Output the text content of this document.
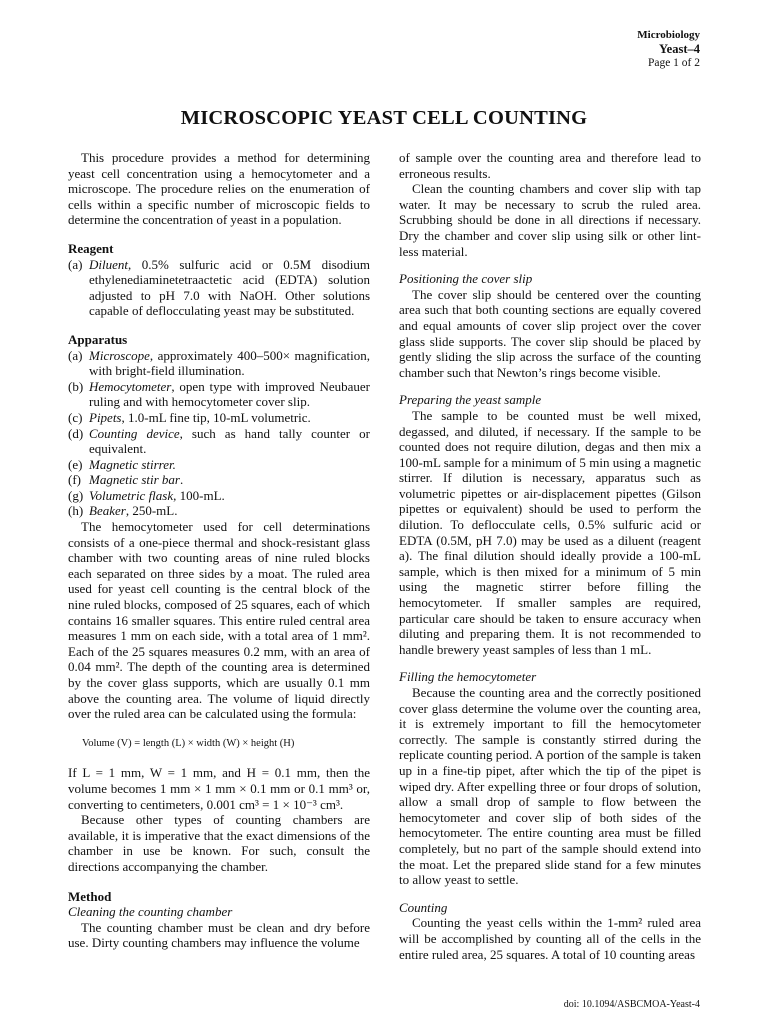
Microbiology
Yeast–4
Page 1 of 2
MICROSCOPIC YEAST CELL COUNTING

This procedure provides a method for determining yeast cell concentration using a hemocytometer and a microscope. The procedure relies on the enumeration of cells within a specific number of microscopic fields to determine the concentration of yeast in a population.

Reagent

(a) Diluent, 0.5% sulfuric acid or 0.5M disodium ethylenediaminetetraactetic acid (EDTA) solution adjusted to pH 7.0 with NaOH. Other solutions capable of deflocculating yeast may be substituted.

Apparatus

(a) Microscope, approximately 400–500× magnification, with bright-field illumination.
(b) Hemocytometer, open type with improved Neubauer ruling and with hemocytometer cover slip.
(c) Pipets, 1.0-mL fine tip, 10-mL volumetric.
(d) Counting device, such as hand tally counter or equivalent.
(e) Magnetic stirrer.
(f) Magnetic stir bar.
(g) Volumetric flask, 100-mL.
(h) Beaker, 250-mL.

The hemocytometer used for cell determinations consists of a one-piece thermal and shock-resistant glass chamber with two counting areas of nine ruled blocks each separated on three sides by a moat. The ruled area used for yeast cell counting is the central block of the nine ruled blocks, composed of 25 squares, each of which contains 16 smaller squares. This entire ruled central area measures 1 mm on each side, with a total area of 1 mm². Each of the 25 squares measures 0.2 mm, with an area of 0.04 mm². The depth of the counting area is determined by the cover glass supports, which are usually 0.1 mm above the counting area. The volume of liquid directly over the ruled area can be calculated using the formula:

Volume (V) = length (L) × width (W) × height (H)

If L = 1 mm, W = 1 mm, and H = 0.1 mm, then the volume becomes 1 mm × 1 mm × 0.1 mm or 0.1 mm³ or, converting to centimeters, 0.001 cm³ = 1 × 10⁻³ cm³.

Because other types of counting chambers are available, it is imperative that the exact dimensions of the chamber in use be known. For such, consult the directions accompanying the chamber.

Method

Cleaning the counting chamber

The counting chamber must be clean and dry before use. Dirty counting chambers may influence the volume

of sample over the counting area and therefore lead to erroneous results.

Clean the counting chambers and cover slip with tap water. It may be necessary to scrub the ruled area. Scrubbing should be done in all directions if necessary. Dry the chamber and cover slip using silk or other lint-less material.

Positioning the cover slip

The cover slip should be centered over the counting area such that both counting sections are equally covered and equal amounts of cover slip project over the cover glass slide supports. The cover slip should be placed by gently sliding the slip across the surface of the counting chamber such that Newton’s rings become visible.

Preparing the yeast sample

The sample to be counted must be well mixed, degassed, and diluted, if necessary. If the sample to be counted does not require dilution, degas and then mix a 100-mL sample for a minimum of 5 min using a magnetic stirrer. If dilution is necessary, apparatus such as volumetric pipettes or air-displacement pipettes (Gilson pipettes or equivalent) should be used to perform the dilution. To deflocculate cells, 0.5% sulfuric acid or EDTA (0.5M, pH 7.0) may be used as a diluent (reagent a). The final dilution should ideally provide a 100-mL sample, which is then mixed for a minimum of 5 min using the magnetic stirrer before filling the hemocytometer. If smaller samples are required, particular care should be taken to ensure accuracy when diluting and preparing them. It is not recommended to handle brewery yeast samples of less than 1 mL.

Filling the hemocytometer

Because the counting area and the correctly positioned cover glass determine the volume over the counting area, it is extremely important to fill the hemocytometer correctly. The sample is constantly stirred during the replicate counting period. A portion of the sample is taken up in a fine-tip pipet, after which the tip of the pipet is wiped dry. After expelling three or four drops of solution, allow a small drop of sample to flow between the hemocytometer and cover slip of both sides of the hemocytometer. The entire counting area must be filled completely, but no part of the sample should extend into the moat. Let the prepared slide stand for a few minutes to allow yeast to settle.

Counting

Counting the yeast cells within the 1-mm² ruled area will be accomplished by counting all of the cells in the entire ruled area, 25 squares. A total of 10 counting areas

doi: 10.1094/ASBCMOA-Yeast-4
